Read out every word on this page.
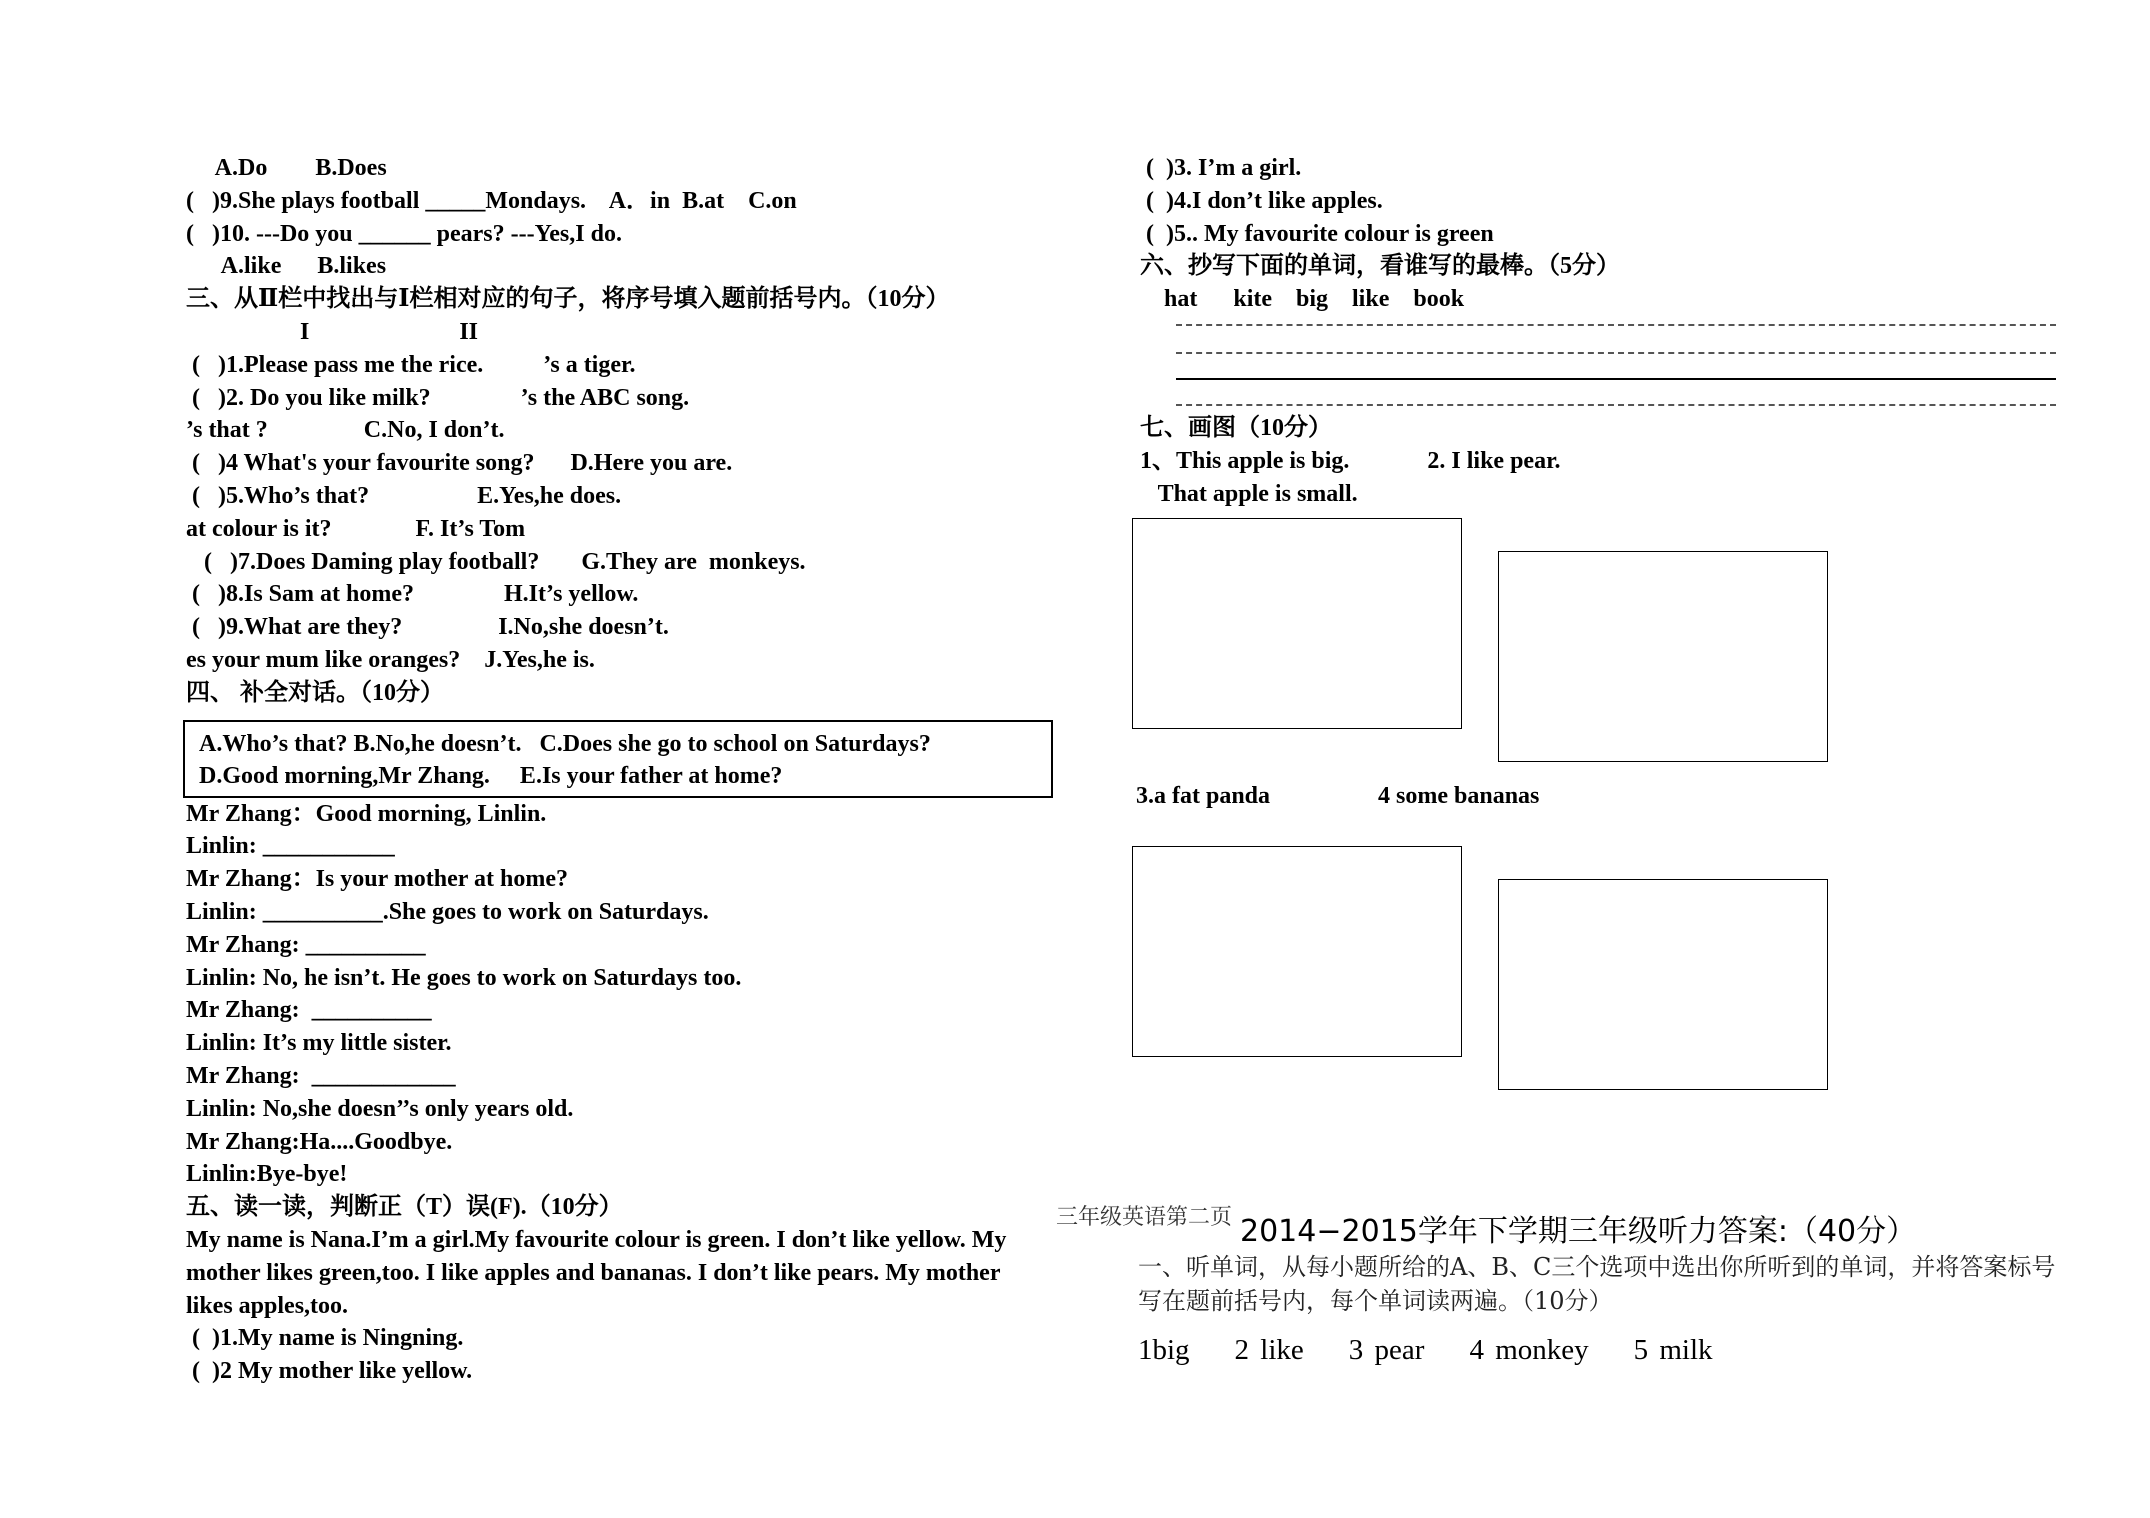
A.Do        B.Does
(   )9.She plays football _____Mondays.    A．in  B.at    C.on
(   )10. ---Do you ______ pears? ---Yes,I do.
A.like      B.likes
三、从Ⅱ栏中找出与Ⅰ栏相对应的句子，将序号填入题前括号内。（10分）
I                         II
(   )1.Please pass me the rice.          ’s a tiger.
(   )2. Do you like milk?               ’s the ABC song.
’s that ?                C.No, I don’t.
(   )4 What's your favourite song?      D.Here you are.
(   )5.Who’s that?                  E.Yes,he does.
at colour is it?              F. It’s Tom
(   )7.Does Daming play football?       G.They are  monkeys.
(   )8.Is Sam at home?               H.It’s yellow.
(   )9.What are they?                I.No,she doesn’t.
es your mum like oranges?    J.Yes,he is.
四、 补全对话。（10分）
A.Who’s that? B.No,he doesn’t.   C.Does she go to school on Saturdays?
D.Good morning,Mr Zhang.     E.Is your father at home?
Mr Zhang：Good morning, Linlin.
Linlin: ___________
Mr Zhang：Is your mother at home?
Linlin: __________.She goes to work on Saturdays.
Mr Zhang: __________
Linlin: No, he isn’t. He goes to work on Saturdays too.
Mr Zhang:  __________
Linlin: It’s my little sister.
Mr Zhang:  ____________
Linlin: No,she doesn’’s only years old.
Mr Zhang:Ha....Goodbye.
Linlin:Bye-bye!
五、读一读，判断正（T）误(F).（10分）
My name is Nana.I’m a girl.My favourite colour is green. I don’t like yellow. My
mother likes green,too. I like apples and bananas. I don’t like pears. My mother
likes apples,too.
(  )1.My name is Ningning.
(  )2 My mother like yellow.
(  )3. I’m a girl.
(  )4.I don’t like apples.
(  )5.. My favourite colour is green
六、抄写下面的单词，看谁写的最棒。（5分）
hat      kite    big    like    book
七、画图（10分）
1、This apple is big.             2. I like pear.
That apple is small.
3.a fat panda                  4 some bananas
2014−2015学年下学期三年级听力答案:（40分）
三年级英语第二页
一、听单词，从每小题所给的A、B、C三个选项中选出你所听到的单词，并将答案标号写在题前括号内，每个单词读两遍。（10分）
1big    2 like    3 pear    4 monkey    5 milk
